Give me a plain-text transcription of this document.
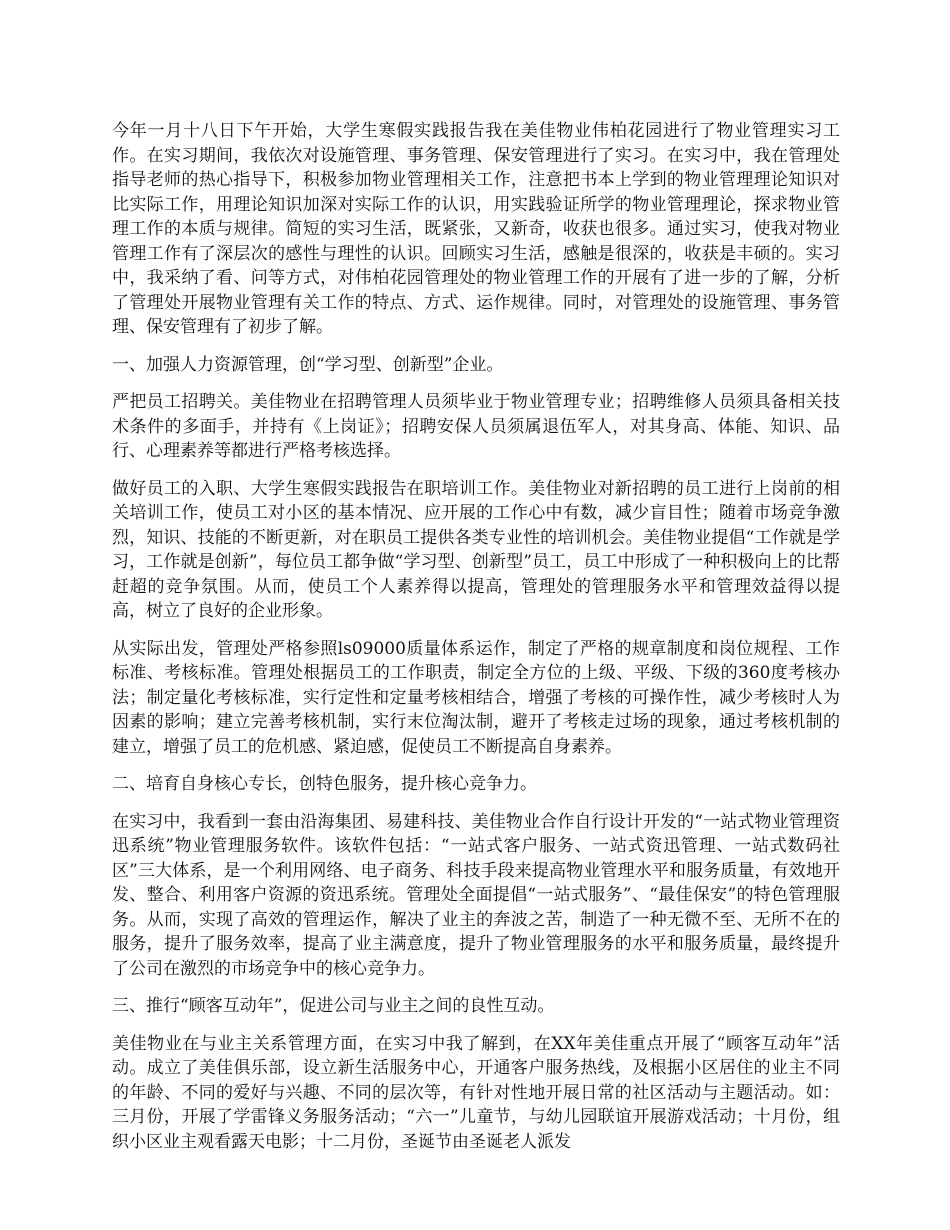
今年一月十八日下午开始，大学生寒假实践报告我在美佳物业伟柏花园进行了物业管理实习工作。在实习期间，我依次对设施管理、事务管理、保安管理进行了实习。在实习中，我在管理处指导老师的热心指导下，积极参加物业管理相关工作，注意把书本上学到的物业管理理论知识对比实际工作，用理论知识加深对实际工作的认识，用实践验证所学的物业管理理论，探求物业管理工作的本质与规律。简短的实习生活，既紧张，又新奇，收获也很多。通过实习，使我对物业管理工作有了深层次的感性与理性的认识。回顾实习生活，感触是很深的，收获是丰硕的。实习中，我采纳了看、问等方式，对伟柏花园管理处的物业管理工作的开展有了进一步的了解，分析了管理处开展物业管理有关工作的特点、方式、运作规律。同时，对管理处的设施管理、事务管理、保安管理有了初步了解。

一、加强人力资源管理，创“学习型、创新型”企业。

严把员工招聘关。美佳物业在招聘管理人员须毕业于物业管理专业；招聘维修人员须具备相关技术条件的多面手，并持有《上岗证》；招聘安保人员须属退伍军人，对其身高、体能、知识、品行、心理素养等都进行严格考核选择。

做好员工的入职、大学生寒假实践报告在职培训工作。美佳物业对新招聘的员工进行上岗前的相关培训工作，使员工对小区的基本情况、应开展的工作心中有数，减少盲目性；随着市场竞争激烈，知识、技能的不断更新，对在职员工提供各类专业性的培训机会。美佳物业提倡“工作就是学习，工作就是创新”，每位员工都争做“学习型、创新型”员工，员工中形成了一种积极向上的比帮赶超的竞争氛围。从而，使员工个人素养得以提高，管理处的管理服务水平和管理效益得以提高，树立了良好的企业形象。

从实际出发，管理处严格参照ls09000质量体系运作，制定了严格的规章制度和岗位规程、工作标准、考核标准。管理处根据员工的工作职责，制定全方位的上级、平级、下级的360度考核办法；制定量化考核标准，实行定性和定量考核相结合，增强了考核的可操作性，减少考核时人为因素的影响；建立完善考核机制，实行末位淘汰制，避开了考核走过场的现象，通过考核机制的建立，增强了员工的危机感、紧迫感，促使员工不断提高自身素养。

二、培育自身核心专长，创特色服务，提升核心竞争力。

在实习中，我看到一套由沿海集团、易建科技、美佳物业合作自行设计开发的“一站式物业管理资迅系统”物业管理服务软件。该软件包括：“一站式客户服务、一站式资迅管理、一站式数码社区”三大体系，是一个利用网络、电子商务、科技手段来提高物业管理水平和服务质量，有效地开发、整合、利用客户资源的资迅系统。管理处全面提倡“一站式服务”、“最佳保安”的特色管理服务。从而，实现了高效的管理运作，解决了业主的奔波之苦，制造了一种无微不至、无所不在的服务，提升了服务效率，提高了业主满意度，提升了物业管理服务的水平和服务质量，最终提升了公司在激烈的市场竞争中的核心竞争力。

三、推行“顾客互动年”，促进公司与业主之间的良性互动。

美佳物业在与业主关系管理方面，在实习中我了解到，在XX年美佳重点开展了“顾客互动年”活动。成立了美佳俱乐部，设立新生活服务中心，开通客户服务热线，及根据小区居住的业主不同的年龄、不同的爱好与兴趣、不同的层次等，有针对性地开展日常的社区活动与主题活动。如：三月份，开展了学雷锋义务服务活动；“六一”儿童节，与幼儿园联谊开展游戏活动；十月份，组织小区业主观看露天电影；十二月份，圣诞节由圣诞老人派发
